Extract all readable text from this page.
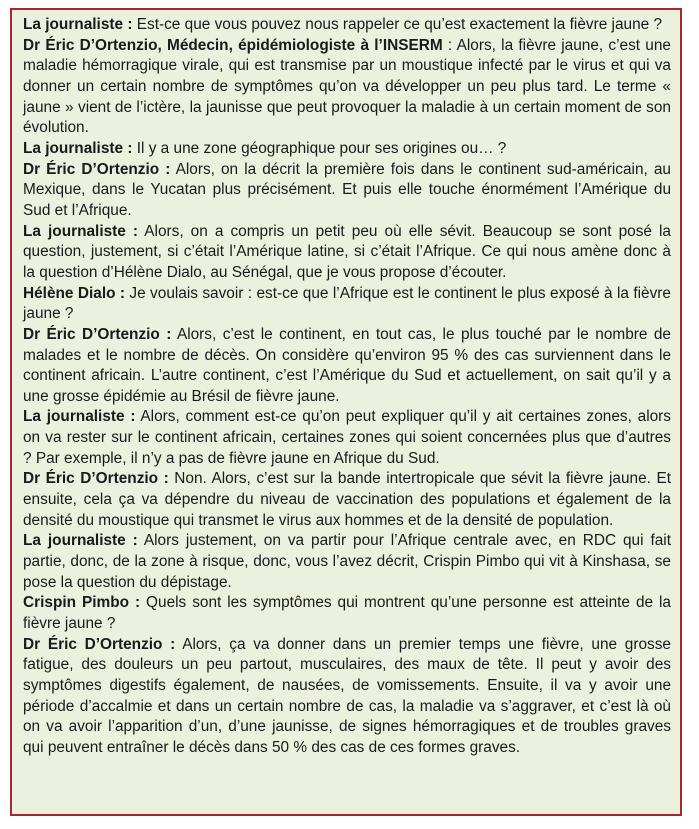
La journaliste : Est-ce que vous pouvez nous rappeler ce qu’est exactement la fièvre jaune ?

Dr Éric D’Ortenzio, Médecin, épidémiologiste à l’INSERM : Alors, la fièvre jaune, c’est une maladie hémorragique virale, qui est transmise par un moustique infecté par le virus et qui va donner un certain nombre de symptômes qu’on va développer un peu plus tard. Le terme « jaune » vient de l’ictère, la jaunisse que peut provoquer la maladie à un certain moment de son évolution.

La journaliste : Il y a une zone géographique pour ses origines ou… ?

Dr Éric D’Ortenzio : Alors, on la décrit la première fois dans le continent sud-américain, au Mexique, dans le Yucatan plus précisément. Et puis elle touche énormément l’Amérique du Sud et l’Afrique.

La journaliste : Alors, on a compris un petit peu où elle sévit. Beaucoup se sont posé la question, justement, si c’était l’Amérique latine, si c’était l’Afrique. Ce qui nous amène donc à la question d’Hélène Dialo, au Sénégal, que je vous propose d’écouter.

Hélène Dialo : Je voulais savoir : est-ce que l’Afrique est le continent le plus exposé à la fièvre jaune ?

Dr Éric D’Ortenzio : Alors, c’est le continent, en tout cas, le plus touché par le nombre de malades et le nombre de décès. On considère qu’environ 95 % des cas surviennent dans le continent africain. L’autre continent, c’est l’Amérique du Sud et actuellement, on sait qu’il y a une grosse épidémie au Brésil de fièvre jaune.

La journaliste : Alors, comment est-ce qu’on peut expliquer qu’il y ait certaines zones, alors on va rester sur le continent africain, certaines zones qui soient concernées plus que d’autres ? Par exemple, il n’y a pas de fièvre jaune en Afrique du Sud.

Dr Éric D’Ortenzio : Non. Alors, c’est sur la bande intertropicale que sévit la fièvre jaune. Et ensuite, cela ça va dépendre du niveau de vaccination des populations et également de la densité du moustique qui transmet le virus aux hommes et de la densité de population.

La journaliste : Alors justement, on va partir pour l’Afrique centrale avec, en RDC qui fait partie, donc, de la zone à risque, donc, vous l’avez décrit, Crispin Pimbo qui vit à Kinshasa, se pose la question du dépistage.

Crispin Pimbo : Quels sont les symptômes qui montrent qu’une personne est atteinte de la fièvre jaune ?

Dr Éric D’Ortenzio : Alors, ça va donner dans un premier temps une fièvre, une grosse fatigue, des douleurs un peu partout, musculaires, des maux de tête. Il peut y avoir des symptômes digestifs également, de nausées, de vomissements. Ensuite, il va y avoir une période d’accalmie et dans un certain nombre de cas, la maladie va s’aggraver, et c’est là où on va avoir l’apparition d’un, d’une jaunisse, de signes hémorragiques et de troubles graves qui peuvent entraîner le décès dans 50 % des cas de ces formes graves.
